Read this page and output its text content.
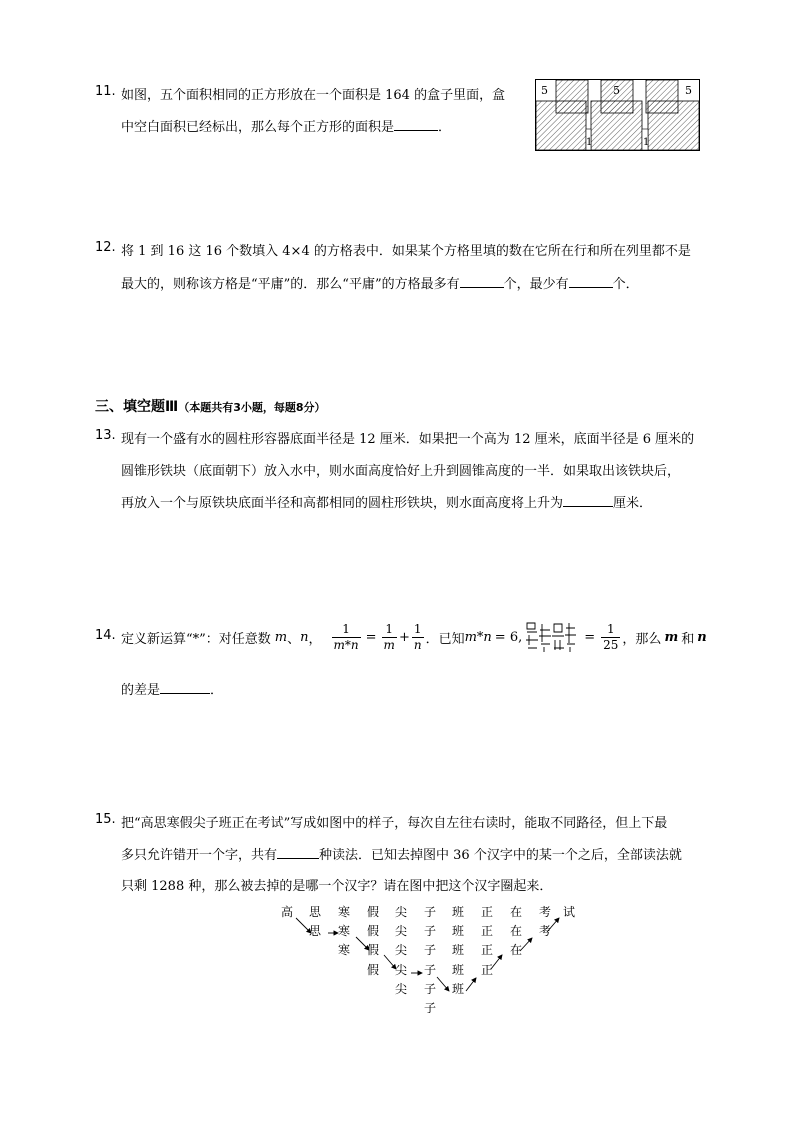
11. 如图，五个面积相同的正方形放在一个面积是 164 的盒子里面，盒
中空白面积已经标出，那么每个正方形的面积是	．
5	5	5
1	1
12. 将 1 到 16 这 16 个数填入 4×4 的方格表中．如果某个方格里填的数在它所在行和所在列里都不是
最大的，则称该方格是“平庸”的．那么“平庸”的方格最多有	个，最少有	个．
三、填空题Ⅲ（本题共有3小题，每题8分）
13. 现有一个盛有水的圆柱形容器底面半径是 12 厘米．如果把一个高为 12 厘米，底面半径是 6 厘米的
圆锥形铁块（底面朝下）放入水中，则水面高度恰好上升到圆锥高度的一半．如果取出该铁块后，
再放入一个与原铁块底面半径和高都相同的圆柱形铁块，则水面高度将上升为	厘米．
14. 定义新运算“*”：对任意数 m 、 n ， $\frac{1}{m*n} = \frac{1}{m} + \frac{1}{n}$ ．已知 m*n = 6,	= $\frac{1}{25}$ ，那么 m 和 n
的差是	．
15. 把“高思寒假尖子班正在考试”写成如图中的样子，每次自左往右读时，能取不同路径，但上下最
多只允许错开一个字，共有	种读法．已知去掉图中 36 个汉字中的某一个之后，全部读法就
只剩 1288 种，那么被去掉的是哪一个汉字？请在图中把这个汉字圈起来．
高 思 寒 假 尖 子 班 正 在 考 试
思 寒 假 尖 子 班 正 在 考
寒 假 尖 子 班 正 在
假 尖 子 班 正
尖 子 班
子
